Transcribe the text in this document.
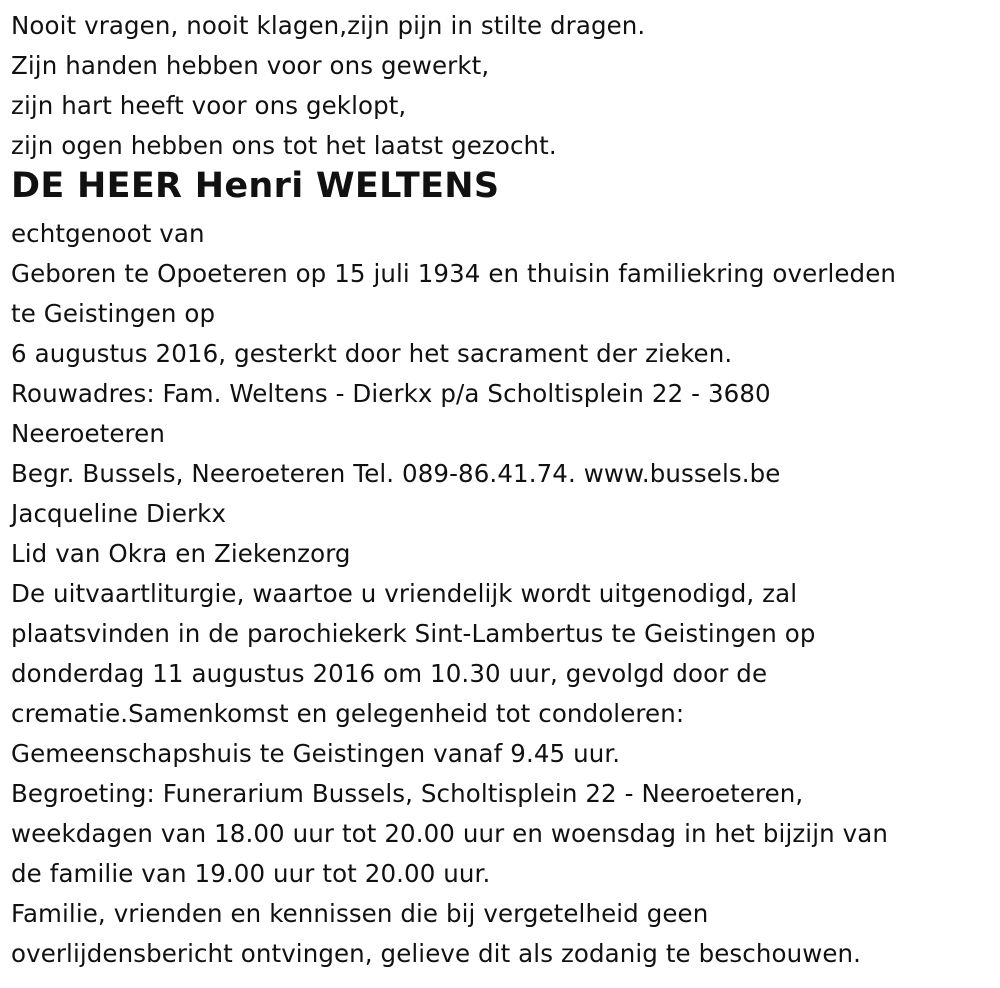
Nooit vragen, nooit klagen,zijn pijn in stilte dragen.
Zijn handen hebben voor ons gewerkt,
zijn hart heeft voor ons geklopt,
zijn ogen hebben ons tot het laatst gezocht.
DE HEER Henri WELTENS
echtgenoot van
Geboren te Opoeteren op 15 juli 1934 en thuisin familiekring overleden
te Geistingen op
6 augustus 2016, gesterkt door het sacrament der zieken.
Rouwadres: Fam. Weltens - Dierkx p/a Scholtisplein 22 - 3680
Neeroeteren
Begr. Bussels, Neeroeteren Tel. 089-86.41.74. www.bussels.be
Jacqueline Dierkx
Lid van Okra en Ziekenzorg
De uitvaartliturgie, waartoe u vriendelijk wordt uitgenodigd, zal
plaatsvinden in de parochiekerk Sint-Lambertus te Geistingen op
donderdag 11 augustus 2016 om 10.30 uur, gevolgd door de
crematie.Samenkomst en gelegenheid tot condoleren:
Gemeenschapshuis te Geistingen vanaf 9.45 uur.
Begroeting: Funerarium Bussels, Scholtisplein 22 - Neeroeteren,
weekdagen van 18.00 uur tot 20.00 uur en woensdag in het bijzijn van
de familie van 19.00 uur tot 20.00 uur.
Familie, vrienden en kennissen die bij vergetelheid geen
overlijdensbericht ontvingen, gelieve dit als zodanig te beschouwen.
